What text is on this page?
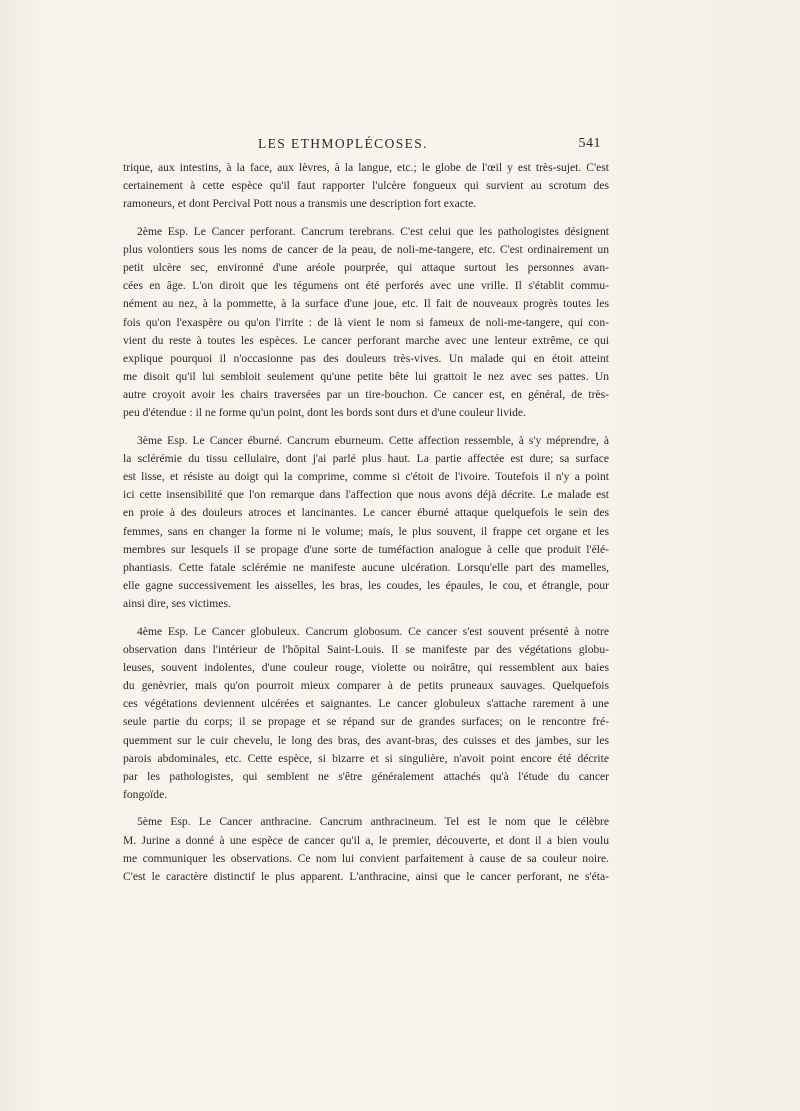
LES ETHMOPLÉCOSES.	541
trique, aux intestins, à la face, aux lèvres, à la langue, etc.; le globe de l'œil y est très-sujet. C'est
certainement à cette espèce qu'il faut rapporter l'ulcère fongueux qui survient au scrotum des
ramoneurs, et dont Percival Pott nous a transmis une description fort exacte.
2ème Esp. Le Cancer perforant. Cancrum terebrans. C'est celui que les pathologistes désignent
plus volontiers sous les noms de cancer de la peau, de noli-me-tangere, etc. C'est ordinairement un
petit ulcère sec, environné d'une aréole pourprée, qui attaque surtout les personnes avan-
cées en âge. L'on diroit que les tégumens ont été perforés avec une vrille. Il s'établit commu-
nément au nez, à la pommette, à la surface d'une joue, etc. Il fait de nouveaux progrès toutes les
fois qu'on l'exaspère ou qu'on l'irrite : de là vient le nom si fameux de noli-me-tangere, qui con-
vient du reste à toutes les espèces. Le cancer perforant marche avec une lenteur extrême, ce qui
explique pourquoi il n'occasionne pas des douleurs très-vives. Un malade qui en étoit atteint
me disoit qu'il lui sembloit seulement qu'une petite bête lui grattoit le nez avec ses pattes. Un
autre croyoit avoir les chairs traversées par un tire-bouchon. Ce cancer est, en général, de très-
peu d'étendue : il ne forme qu'un point, dont les bords sont durs et d'une couleur livide.
3ème Esp. Le Cancer éburné. Cancrum eburneum. Cette affection ressemble, à s'y méprendre, à
la sclérémie du tissu cellulaire, dont j'ai parlé plus haut. La partie affectée est dure; sa surface
est lisse, et résiste au doigt qui la comprime, comme si c'étoit de l'ivoire. Toutefois il n'y a point
ici cette insensibilité que l'on remarque dans l'affection que nous avons déjà décrite. Le malade est
en proie à des douleurs atroces et lancinantes. Le cancer éburné attaque quelquefois le sein des
femmes, sans en changer la forme ni le volume; mais, le plus souvent, il frappe cet organe et les
membres sur lesquels il se propage d'une sorte de tuméfaction analogue à celle que produit l'élé-
phantiasis. Cette fatale sclérémie ne manifeste aucune ulcération. Lorsqu'elle part des mamelles,
elle gagne successivement les aisselles, les bras, les coudes, les épaules, le cou, et étrangle, pour
ainsi dire, ses victimes.
4ème Esp. Le Cancer globuleux. Cancrum globosum. Ce cancer s'est souvent présenté à notre
observation dans l'intérieur de l'hôpital Saint-Louis. Il se manifeste par des végétations globu-
leuses, souvent indolentes, d'une couleur rouge, violette ou noirâtre, qui ressemblent aux baies
du genèvrier, mais qu'on pourroit mieux comparer à de petits pruneaux sauvages. Quelquefois
ces végétations deviennent ulcérées et saignantes. Le cancer globuleux s'attache rarement à une
seule partie du corps; il se propage et se répand sur de grandes surfaces; on le rencontre fré-
quemment sur le cuir chevelu, le long des bras, des avant-bras, des cuisses et des jambes, sur les
parois abdominales, etc. Cette espèce, si bizarre et si singulière, n'avoit point encore été décrite
par les pathologistes, qui semblent ne s'être généralement attachés qu'à l'étude du cancer
fongoïde.
5ème Esp. Le Cancer anthracine. Cancrum anthracineum. Tel est le nom que le célèbre
M. Jurine a donné à une espèce de cancer qu'il a, le premier, découverte, et dont il a bien voulu
me communiquer les observations. Ce nom lui convient parfaitement à cause de sa couleur noire.
C'est le caractère distinctif le plus apparent. L'anthracine, ainsi que le cancer perforant, ne s'éta-
